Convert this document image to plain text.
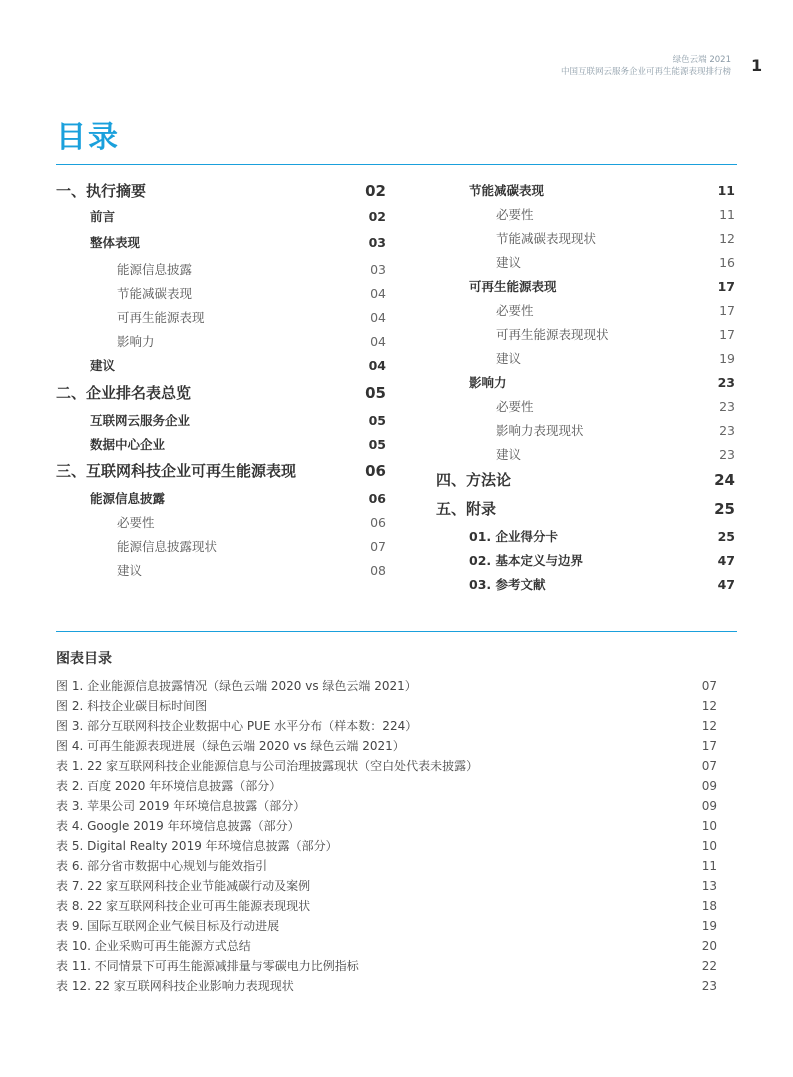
绿色云端 2021
中国互联网云服务企业可再生能源表现排行榜 1
目录
一、执行摘要	02
前言	02
整体表现	03
能源信息披露	03
节能减碳表现	04
可再生能源表现	04
影响力	04
建议	04
二、企业排名表总览	05
互联网云服务企业	05
数据中心企业	05
三、互联网科技企业可再生能源表现	06
能源信息披露	06
必要性	06
能源信息披露现状	07
建议	08
节能减碳表现	11
必要性	11
节能减碳表现现状	12
建议	16
可再生能源表现	17
必要性	17
可再生能源表现现状	17
建议	19
影响力	23
必要性	23
影响力表现现状	23
建议	23
四、方法论	24
五、附录	25
01. 企业得分卡	25
02. 基本定义与边界	47
03. 参考文献	47
图表目录
图 1. 企业能源信息披露情况（绿色云端 2020 vs 绿色云端 2021）	07
图 2. 科技企业碳目标时间图	12
图 3. 部分互联网科技企业数据中心 PUE 水平分布（样本数：224）	12
图 4. 可再生能源表现进展（绿色云端 2020 vs 绿色云端 2021）	17
表 1. 22 家互联网科技企业能源信息与公司治理披露现状（空白处代表未披露）	07
表 2. 百度 2020 年环境信息披露（部分）	09
表 3. 苹果公司 2019 年环境信息披露（部分）	09
表 4. Google 2019 年环境信息披露（部分）	10
表 5. Digital Realty 2019 年环境信息披露（部分）	10
表 6. 部分省市数据中心规划与能效指引	11
表 7. 22 家互联网科技企业节能减碳行动及案例	13
表 8. 22 家互联网科技企业可再生能源表现现状	18
表 9. 国际互联网企业气候目标及行动进展	19
表 10. 企业采购可再生能源方式总结	20
表 11. 不同情景下可再生能源减排量与零碳电力比例指标	22
表 12. 22 家互联网科技企业影响力表现现状	23
